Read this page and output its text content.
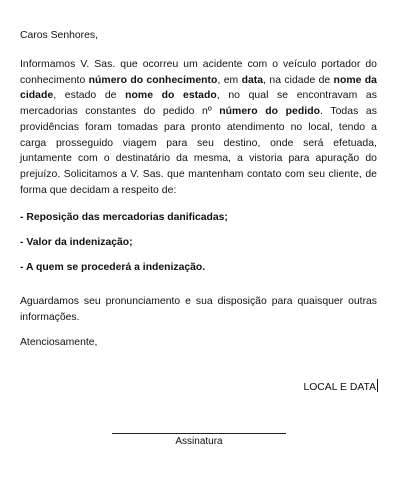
Caros Senhores,

Informamos V. Sas. que ocorreu um acidente com o veículo portador do conhecimento número do conhecimento, em data, na cidade de nome da cidade, estado de nome do estado, no qual se encontravam as mercadorias constantes do pedido nº número do pedido. Todas as providências foram tomadas para pronto atendimento no local, tendo a carga prosseguido viagem para seu destino, onde será efetuada, juntamente com o destinatário da mesma, a vistoria para apuração do prejuízo. Solicitamos a V. Sas. que mantenham contato com seu cliente, de forma que decidam a respeito de:

- Reposição das mercadorias danificadas;

- Valor da indenização;

- A quem se procederá a indenização.

Aguardamos seu pronunciamento e sua disposição para quaisquer outras informações.

Atenciosamente,

LOCAL E DATA
Assinatura
